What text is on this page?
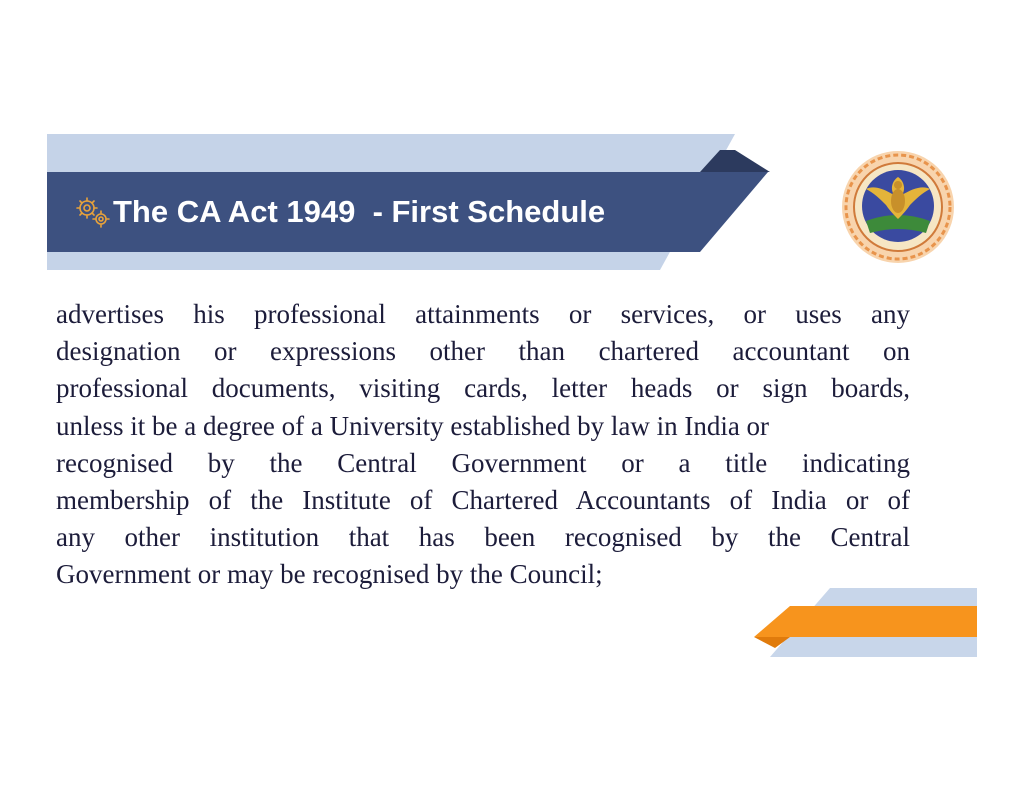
The CA Act 1949  - First Schedule
advertises his professional attainments or services, or uses any
designation or expressions other than chartered accountant on
professional documents, visiting cards, letter heads or sign boards,
unless it be a degree of a University established by law in India or
recognised by the Central Government or a title indicating
membership of the Institute of Chartered Accountants of India or of
any other institution that has been recognised by the Central
Government or may be recognised by the Council;
